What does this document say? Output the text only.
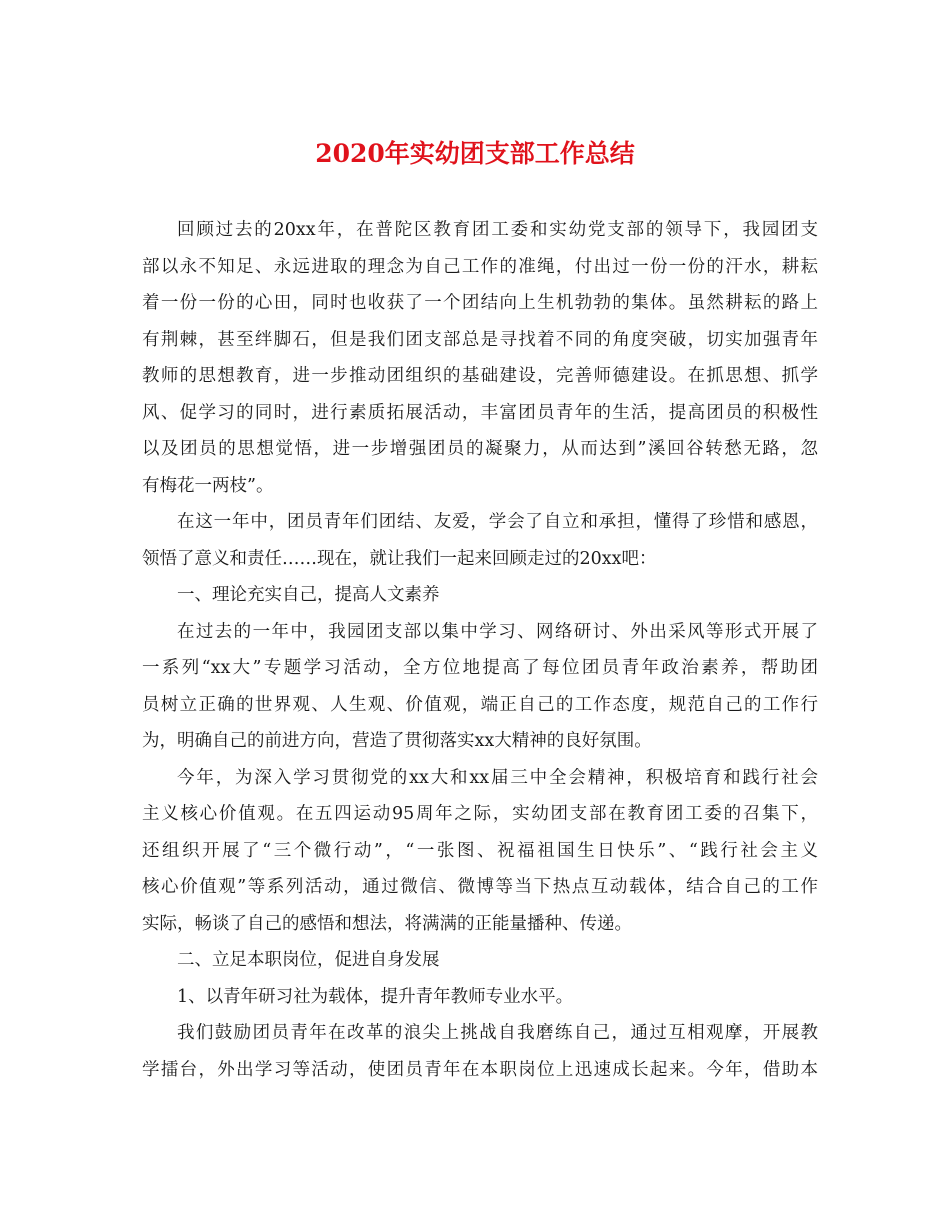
2020年实幼团支部工作总结

回顾过去的20xx年，在普陀区教育团工委和实幼党支部的领导下，我园团支

部以永不知足、永远进取的理念为自己工作的准绳，付出过一份一份的汗水，耕耘

着一份一份的心田，同时也收获了一个团结向上生机勃勃的集体。虽然耕耘的路上

有荆棘，甚至绊脚石，但是我们团支部总是寻找着不同的角度突破，切实加强青年

教师的思想教育，进一步推动团组织的基础建设，完善师德建设。在抓思想、抓学

风、促学习的同时，进行素质拓展活动，丰富团员青年的生活，提高团员的积极性

以及团员的思想觉悟，进一步增强团员的凝聚力，从而达到”溪回谷转愁无路，忽

有梅花一两枝”。

在这一年中，团员青年们团结、友爱，学会了自立和承担，懂得了珍惜和感恩，

领悟了意义和责任……现在，就让我们一起来回顾走过的20xx吧：

一、理论充实自己，提高人文素养

在过去的一年中，我园团支部以集中学习、网络研讨、外出采风等形式开展了

一系列“xx大”专题学习活动，全方位地提高了每位团员青年政治素养，帮助团

员树立正确的世界观、人生观、价值观，端正自己的工作态度，规范自己的工作行

为，明确自己的前进方向，营造了贯彻落实xx大精神的良好氛围。

今年，为深入学习贯彻党的xx大和xx届三中全会精神，积极培育和践行社会

主义核心价值观。在五四运动95周年之际，实幼团支部在教育团工委的召集下，

还组织开展了“三个微行动”，“一张图、祝福祖国生日快乐”、“践行社会主义

核心价值观”等系列活动，通过微信、微博等当下热点互动载体，结合自己的工作

实际，畅谈了自己的感悟和想法，将满满的正能量播种、传递。

二、立足本职岗位，促进自身发展

1、以青年研习社为载体，提升青年教师专业水平。

我们鼓励团员青年在改革的浪尖上挑战自我磨练自己，通过互相观摩，开展教

学擂台，外出学习等活动，使团员青年在本职岗位上迅速成长起来。今年，借助本
